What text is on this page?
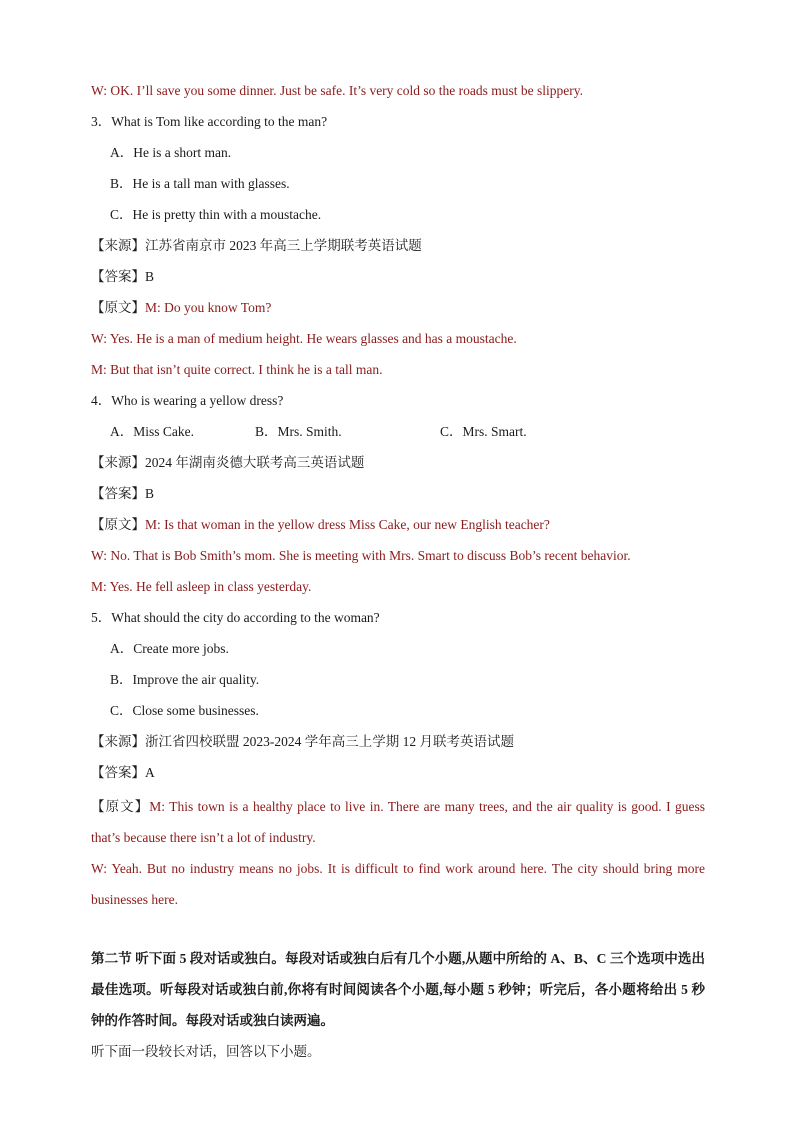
W: OK. I’ll save you some dinner. Just be safe. It’s very cold so the roads must be slippery.
3．What is Tom like according to the man?
A．He is a short man.
B．He is a tall man with glasses.
C．He is pretty thin with a moustache.
【来源】江苏省南京市 2023 年高三上学期联考英语试题
【答案】B
【原文】M: Do you know Tom?
W: Yes. He is a man of medium height. He wears glasses and has a moustache.
M: But that isn’t quite correct. I think he is a tall man.
4．Who is wearing a yellow dress?
A．Miss Cake.	B．Mrs. Smith.	C．Mrs. Smart.
【来源】2024 年湖南炎德大联考高三英语试题
【答案】B
【原文】M: Is that woman in the yellow dress Miss Cake, our new English teacher?
W: No. That is Bob Smith’s mom. She is meeting with Mrs. Smart to discuss Bob’s recent behavior.
M: Yes. He fell asleep in class yesterday.
5．What should the city do according to the woman?
A．Create more jobs.
B．Improve the air quality.
C．Close some businesses.
【来源】浙江省四校联盟 2023-2024 学年高三上学期 12 月联考英语试题
【答案】A
【原文】M: This town is a healthy place to live in. There are many trees, and the air quality is good. I guess that’s because there isn’t a lot of industry.
W: Yeah. But no industry means no jobs. It is difficult to find work around here. The city should bring more businesses here.
第二节 听下面 5 段对话或独白。每段对话或独白后有几个小题,从题中所给的 A、B、C 三个选项中选出最佳选项。听每段对话或独白前,你将有时间阅读各个小题,每小题 5 秒钟；听完后，各小题将给出 5 秒钟的作答时间。每段对话或独白读两遍。
听下面一段较长对话，回答以下小题。
